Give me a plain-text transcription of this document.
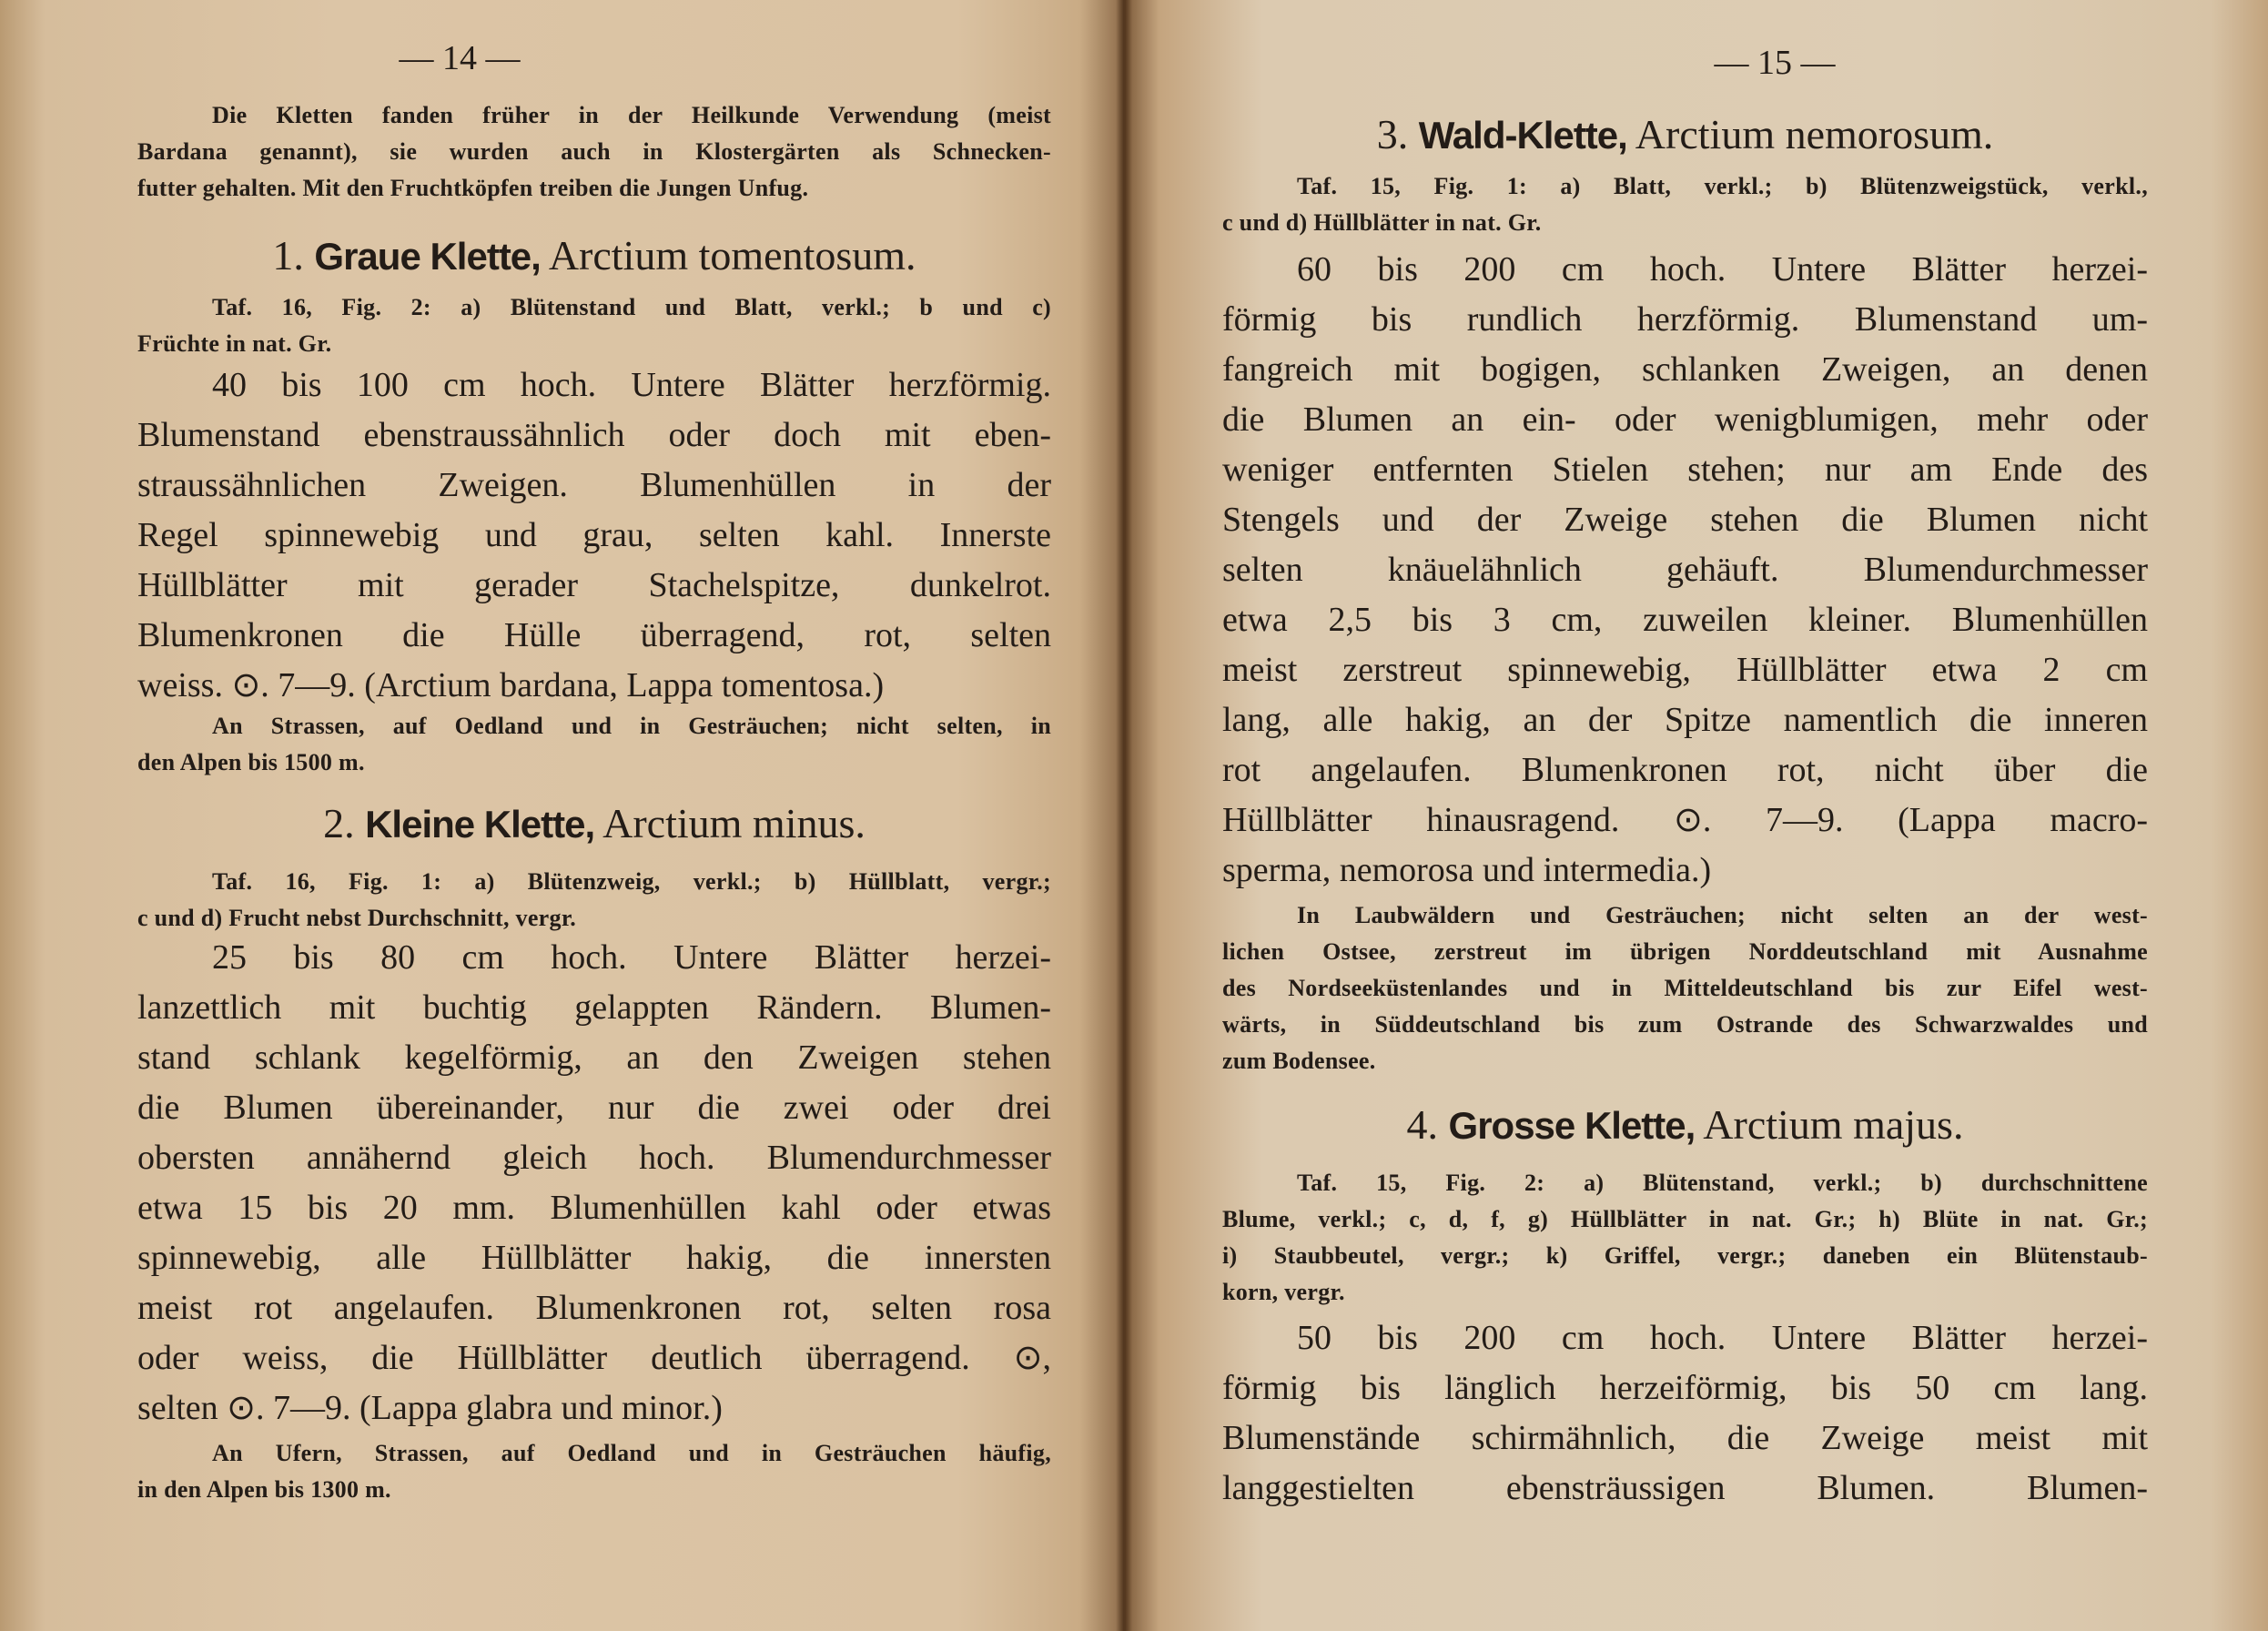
— 14 —
Die Kletten fanden früher in der Heilkunde Verwendung (meist
Bardana genannt), sie wurden auch in Klostergärten als Schnecken-
futter gehalten. Mit den Fruchtköpfen treiben die Jungen Unfug.
1. Graue Klette, Arctium tomentosum.
Taf. 16, Fig. 2: a) Blütenstand und Blatt, verkl.; b und c)
Früchte in nat. Gr.
40 bis 100 cm hoch. Untere Blätter herzförmig.
Blumenstand ebenstraussähnlich oder doch mit eben-
straussähnlichen Zweigen. Blumenhüllen in der
Regel spinnewebig und grau, selten kahl. Innerste
Hüllblätter mit gerader Stachelspitze, dunkelrot.
Blumenkronen die Hülle überragend, rot, selten
weiss. ⊙. 7—9. (Arctium bardana, Lappa tomentosa.)
An Strassen, auf Oedland und in Gesträuchen; nicht selten, in
den Alpen bis 1500 m.
2. Kleine Klette, Arctium minus.
Taf. 16, Fig. 1: a) Blütenzweig, verkl.; b) Hüllblatt, vergr.;
c und d) Frucht nebst Durchschnitt, vergr.
25 bis 80 cm hoch. Untere Blätter herzei-
lanzettlich mit buchtig gelappten Rändern. Blumen-
stand schlank kegelförmig, an den Zweigen stehen
die Blumen übereinander, nur die zwei oder drei
obersten annähernd gleich hoch. Blumendurchmesser
etwa 15 bis 20 mm. Blumenhüllen kahl oder etwas
spinnewebig, alle Hüllblätter hakig, die innersten
meist rot angelaufen. Blumenkronen rot, selten rosa
oder weiss, die Hüllblätter deutlich überragend. ⊙,
selten ⊙. 7—9. (Lappa glabra und minor.)
An Ufern, Strassen, auf Oedland und in Gesträuchen häufig,
in den Alpen bis 1300 m.
— 15 —
3. Wald-Klette, Arctium nemorosum.
Taf. 15, Fig. 1: a) Blatt, verkl.; b) Blütenzweigstück, verkl.,
c und d) Hüllblätter in nat. Gr.
60 bis 200 cm hoch. Untere Blätter herzei-
förmig bis rundlich herzförmig. Blumenstand um-
fangreich mit bogigen, schlanken Zweigen, an denen
die Blumen an ein- oder wenigblumigen, mehr oder
weniger entfernten Stielen stehen; nur am Ende des
Stengels und der Zweige stehen die Blumen nicht
selten knäuelähnlich gehäuft. Blumendurchmesser
etwa 2,5 bis 3 cm, zuweilen kleiner. Blumenhüllen
meist zerstreut spinnewebig, Hüllblätter etwa 2 cm
lang, alle hakig, an der Spitze namentlich die inneren
rot angelaufen. Blumenkronen rot, nicht über die
Hüllblätter hinausragend. ⊙. 7—9. (Lappa macro-
sperma, nemorosa und intermedia.)
In Laubwäldern und Gesträuchen; nicht selten an der west-
lichen Ostsee, zerstreut im übrigen Norddeutschland mit Ausnahme
des Nordseeküstenlandes und in Mitteldeutschland bis zur Eifel west-
wärts, in Süddeutschland bis zum Ostrande des Schwarzwaldes und
zum Bodensee.
4. Grosse Klette, Arctium majus.
Taf. 15, Fig. 2: a) Blütenstand, verkl.; b) durchschnittene
Blume, verkl.; c, d, f, g) Hüllblätter in nat. Gr.; h) Blüte in nat. Gr.;
i) Staubbeutel, vergr.; k) Griffel, vergr.; daneben ein Blütenstaub-
korn, vergr.
50 bis 200 cm hoch. Untere Blätter herzei-
förmig bis länglich herzeiförmig, bis 50 cm lang.
Blumenstände schirmähnlich, die Zweige meist mit
langgestielten ebensträussigen Blumen. Blumen-
